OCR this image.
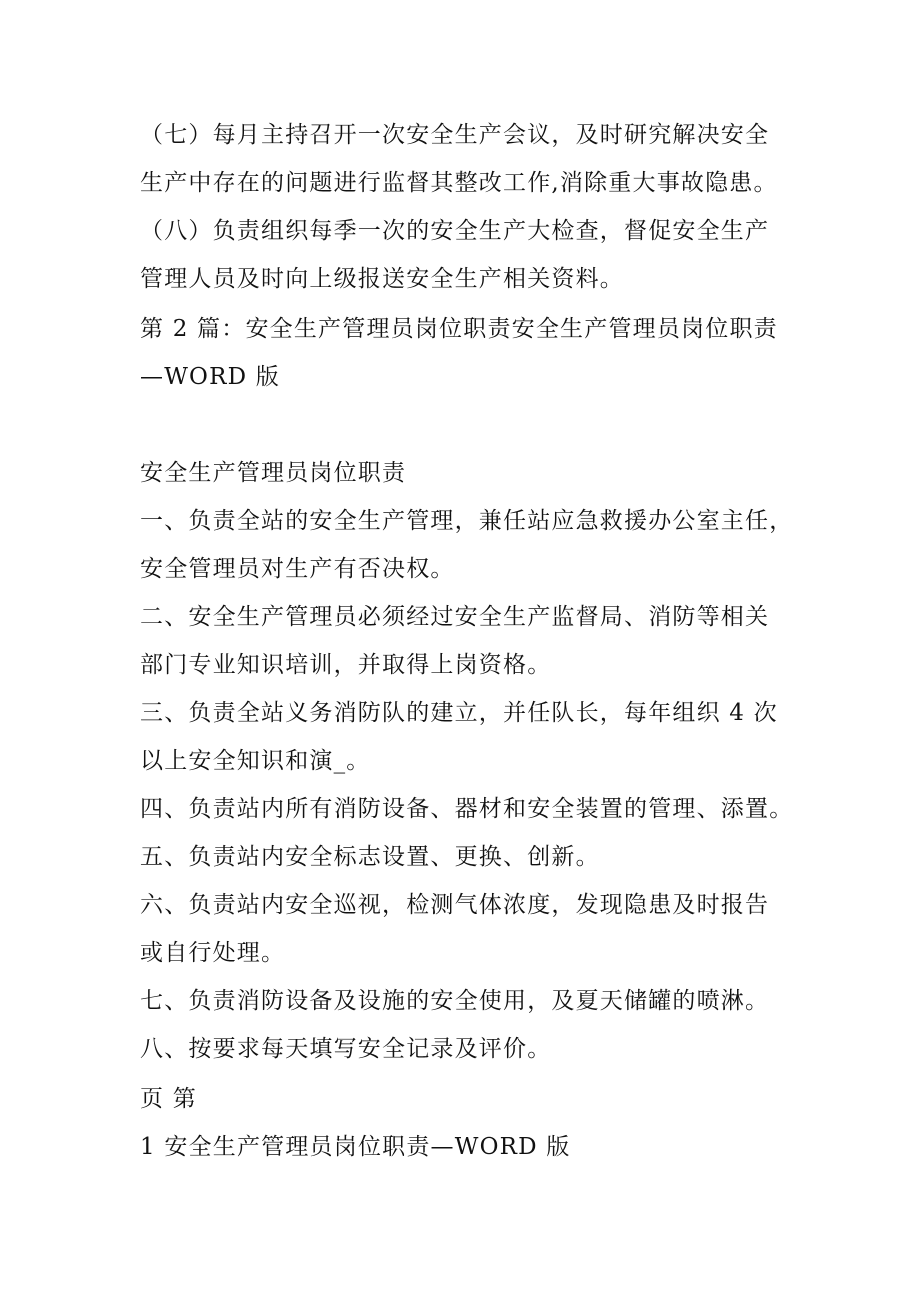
（七）每月主持召开一次安全生产会议，及时研究解决安全
生产中存在的问题进行监督其整改工作,消除重大事故隐患。
（八）负责组织每季一次的安全生产大检查，督促安全生产
管理人员及时向上级报送安全生产相关资料。
第 2 篇：安全生产管理员岗位职责安全生产管理员岗位职责
—WORD 版
安全生产管理员岗位职责
一、负责全站的安全生产管理，兼任站应急救援办公室主任，
安全管理员对生产有否决权。
二、安全生产管理员必须经过安全生产监督局、消防等相关
部门专业知识培训，并取得上岗资格。
三、负责全站义务消防队的建立，并任队长，每年组织 4 次
以上安全知识和演_。
四、负责站内所有消防设备、器材和安全装置的管理、添置。
五、负责站内安全标志设置、更换、创新。
六、负责站内安全巡视，检测气体浓度，发现隐患及时报告
或自行处理。
七、负责消防设备及设施的安全使用，及夏天储罐的喷淋。
八、按要求每天填写安全记录及评价。
页 第
1 安全生产管理员岗位职责—WORD 版
